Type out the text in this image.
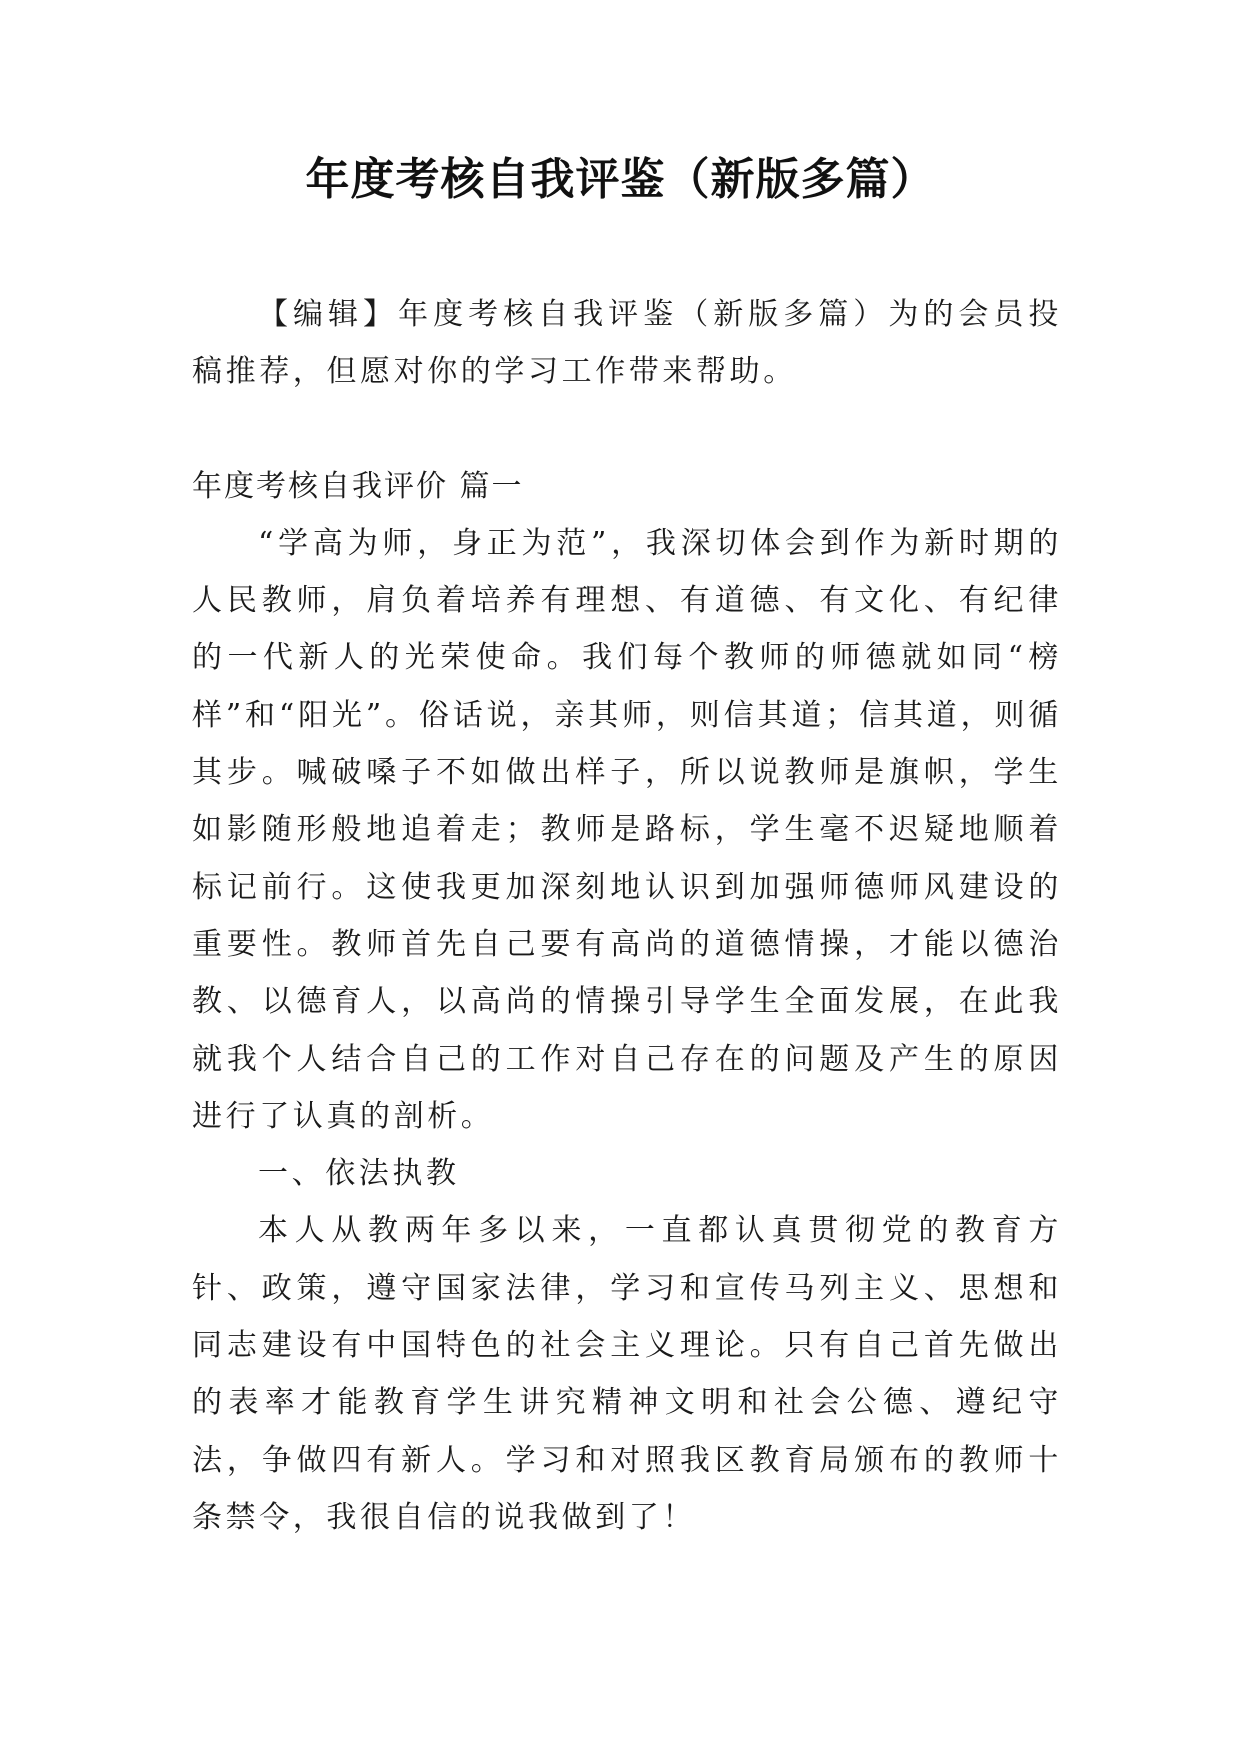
年度考核自我评鉴（新版多篇）

【编辑】年度考核自我评鉴（新版多篇）为的会员投稿推荐，但愿对你的学习工作带来帮助。

年度考核自我评价 篇一

“学高为师，身正为范”，我深切体会到作为新时期的人民教师，肩负着培养有理想、有道德、有文化、有纪律的一代新人的光荣使命。我们每个教师的师德就如同“榜样”和“阳光”。俗话说，亲其师，则信其道；信其道，则循其步。喊破嗓子不如做出样子，所以说教师是旗帜，学生如影随形般地追着走；教师是路标，学生毫不迟疑地顺着标记前行。这使我更加深刻地认识到加强师德师风建设的重要性。教师首先自己要有高尚的道德情操，才能以德治教、以德育人，以高尚的情操引导学生全面发展，在此我就我个人结合自己的工作对自己存在的问题及产生的原因进行了认真的剖析。

一、依法执教

本人从教两年多以来，一直都认真贯彻党的教育方针、政策，遵守国家法律，学习和宣传马列主义、思想和同志建设有中国特色的社会主义理论。只有自己首先做出的表率才能教育学生讲究精神文明和社会公德、遵纪守法，争做四有新人。学习和对照我区教育局颁布的教师十条禁令，我很自信的说我做到了！
